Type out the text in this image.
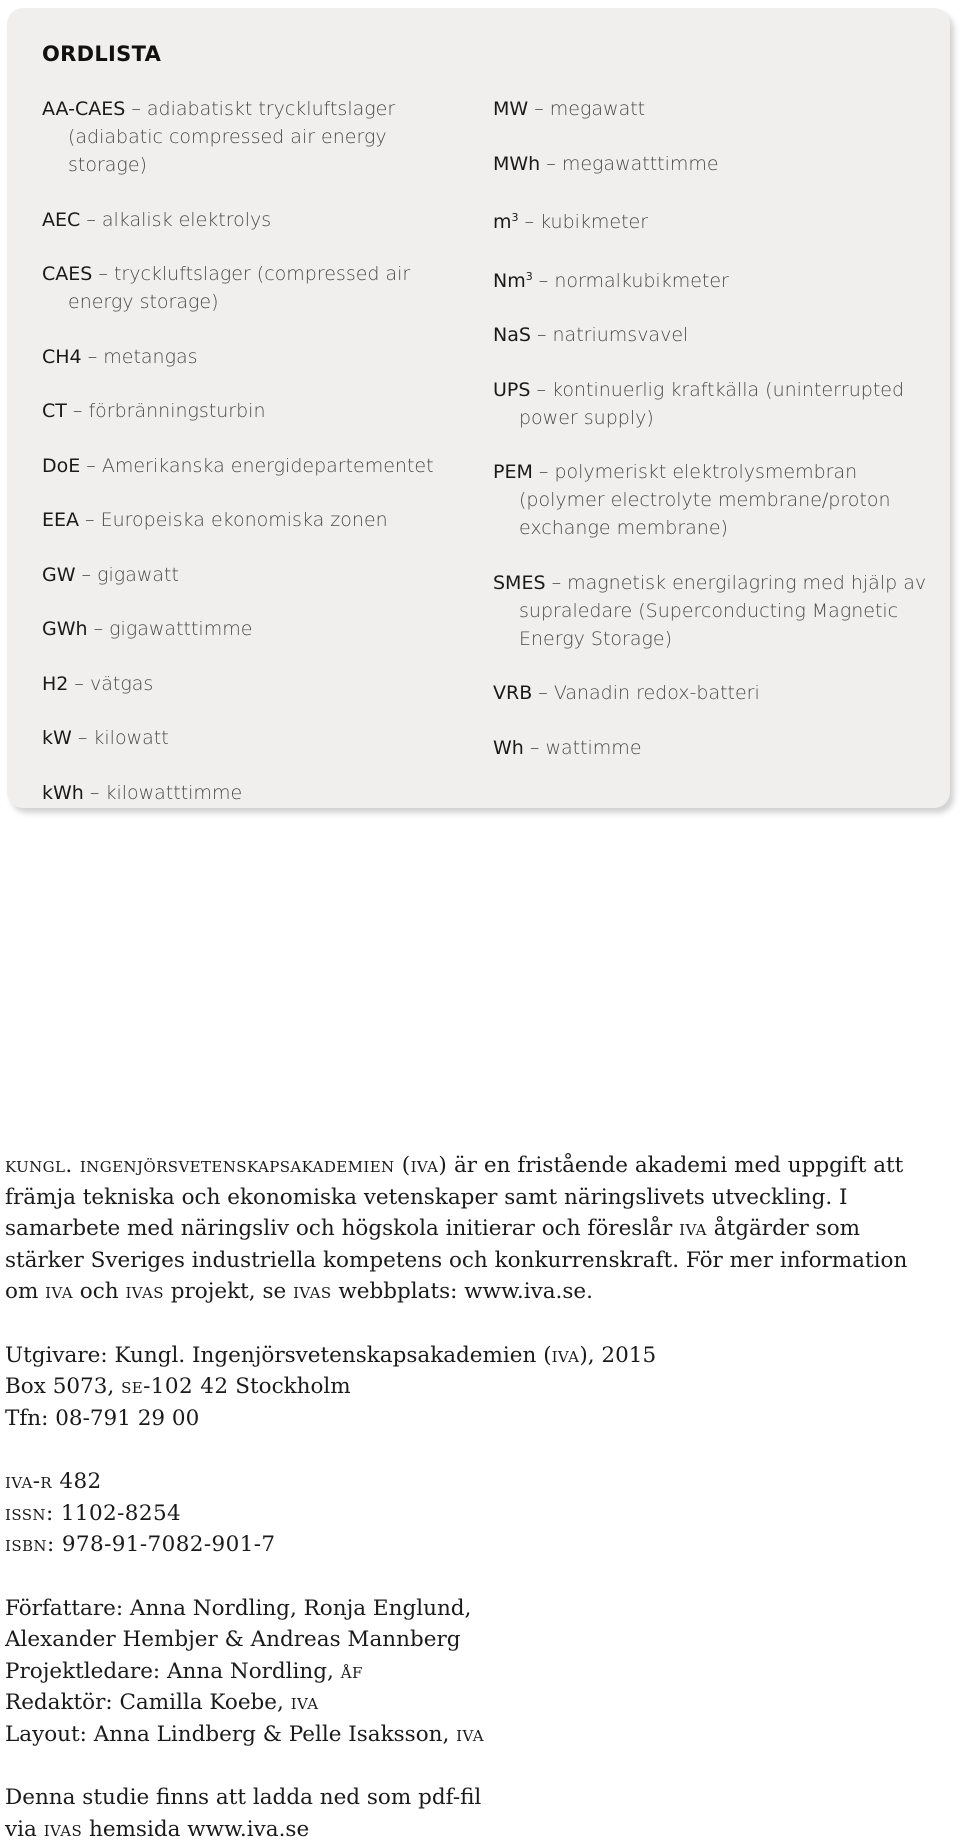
ORDLISTA
AA-CAES – adiabatiskt tryckluftslager (adiabatic compressed air energy storage)
AEC – alkalisk elektrolys
CAES – tryckluftslager (compressed air energy storage)
CH4 – metangas
CT – förbränningsturbin
DoE – Amerikanska energidepartementet
EEA – Europeiska ekonomiska zonen
GW – gigawatt
GWh – gigawatttimme
H2 – vätgas
kW – kilowatt
kWh – kilowatttimme
MW – megawatt
MWh – megawatttimme
$m^3$ – kubikmeter
Nm$^3$ – normalkubikmeter
NaS – natriumsvavel
UPS – kontinuerlig kraftkälla (uninterrupted power supply)
PEM – polymeriskt elektrolysmembran (polymer electrolyte membrane/proton exchange membrane)
SMES – magnetisk energilagring med hjälp av supraledare (Superconducting Magnetic Energy Storage)
VRB – Vanadin redox-batteri
Wh – wattimme

kungl. ingenjörsvetenskapsakademien (iva) är en fristående akademi med uppgift att främja tekniska och ekonomiska vetenskaper samt näringslivets utveckling. I samarbete med näringsliv och högskola initierar och föreslår iva åtgärder som stärker Sveriges industriella kompetens och konkurrenskraft. För mer information om iva och ivas projekt, se ivas webbplats: www.iva.se.

Utgivare: Kungl. Ingenjörsvetenskapsakademien (iva), 2015

Box 5073, se-102 42 Stockholm

Tfn: 08-791 29 00

iva-r 482

issn: 1102-8254

isbn: 978-91-7082-901-7

Författare: Anna Nordling, Ronja Englund,

Alexander Hembjer & Andreas Mannberg

Projektledare: Anna Nordling, åf

Redaktör: Camilla Koebe, iva

Layout: Anna Lindberg & Pelle Isaksson, iva

Denna studie finns att ladda ned som pdf-fil

via ivas hemsida www.iva.se
